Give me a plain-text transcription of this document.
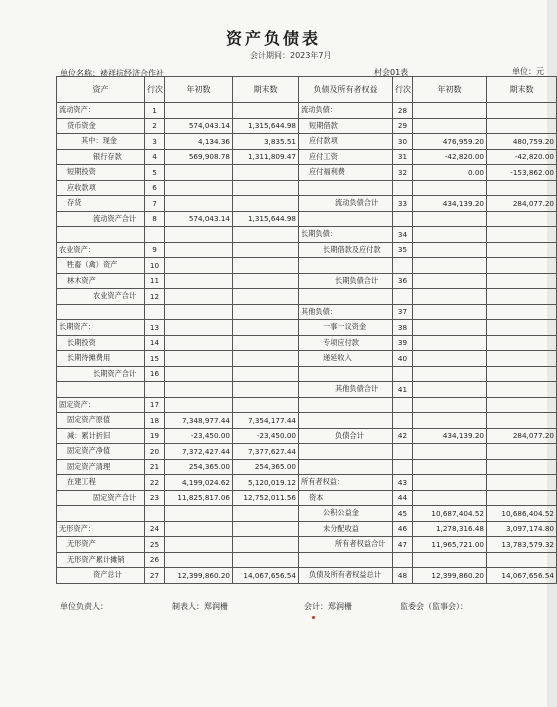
资产负债表
会计期间：2023年7月
单位名称：裱祥抗经济合作社	村会01表	单位：元
资产	行次	年初数	期末数	负债及所有者权益	行次	年初数	期末数
流动资产：	1			流动负债：	28		
货币资金	2	574,043.14	1,315,644.98	短期借款	29		
其中：现金	3	4,134.36	3,835.51	应付款项	30	476,959.20	480,759.20
银行存款	4	569,908.78	1,311,809.47	应付工资	31	-42,820.00	-42,820.00
短期投资	5			应付福利费	32	0.00	-153,862.00
应收款项	6						
存货	7			流动负债合计	33	434,139.20	284,077.20
流动资产合计	8	574,043.14	1,315,644.98				
				长期负债：	34		
农业资产：	9			长期借款及应付款	35		
牲畜（禽）资产	10						
林木资产	11			长期负债合计	36		
农业资产合计	12						
				其他负债：	37		
长期资产：	13			一事一议资金	38		
长期投资	14			专项应付款	39		
长期待摊费用	15			递延收入	40		
长期资产合计	16						
				其他负债合计	41		
固定资产：	17						
固定资产原值	18	7,348,977.44	7,354,177.44				
减：累计折旧	19	-23,450.00	-23,450.00	负债合计	42	434,139.20	284,077.20
固定资产净值	20	7,372,427.44	7,377,627.44				
固定资产清理	21	254,365.00	254,365.00				
在建工程	22	4,199,024.62	5,120,019.12	所有者权益：	43		
固定资产合计	23	11,825,817.06	12,752,011.56	资本	44		
				公积公益金	45	10,687,404.52	10,686,404.52
无形资产：	24			未分配收益	46	1,278,316.48	3,097,174.80
无形资产	25			所有者权益合计	47	11,965,721.00	13,783,579.32
无形资产累计摊销	26						
资产总计	27	12,399,860.20	14,067,656.54	负债及所有者权益总计	48	12,399,860.20	14,067,656.54
单位负责人：	制表人：郑润栅	会计：郑润栅	监委会（监事会）：
